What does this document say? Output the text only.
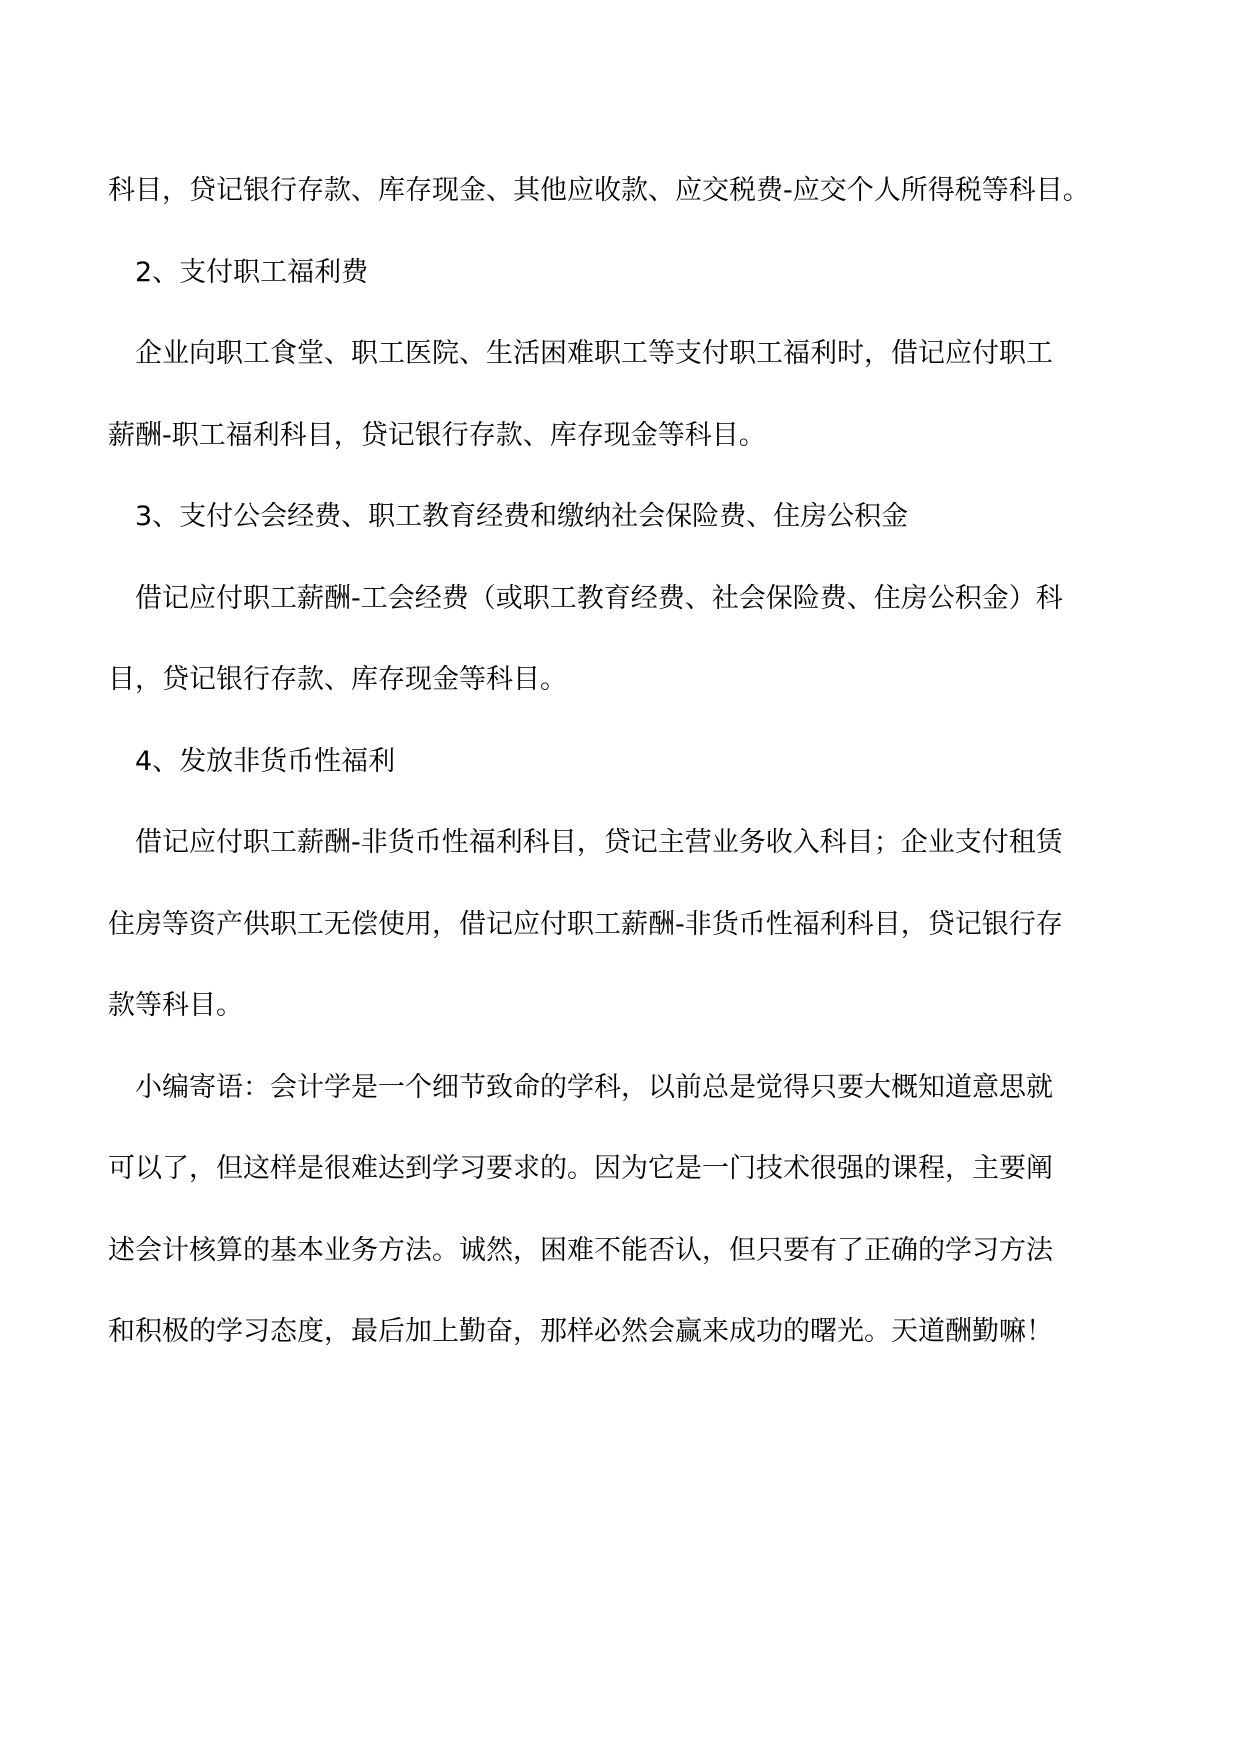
科目，贷记银行存款、库存现金、其他应收款、应交税费-应交个人所得税等科目。
2、支付职工福利费
企业向职工食堂、职工医院、生活困难职工等支付职工福利时，借记应付职工
薪酬-职工福利科目，贷记银行存款、库存现金等科目。
3、支付公会经费、职工教育经费和缴纳社会保险费、住房公积金
借记应付职工薪酬-工会经费（或职工教育经费、社会保险费、住房公积金）科
目，贷记银行存款、库存现金等科目。
4、发放非货币性福利
借记应付职工薪酬-非货币性福利科目，贷记主营业务收入科目；企业支付租赁
住房等资产供职工无偿使用，借记应付职工薪酬-非货币性福利科目，贷记银行存
款等科目。
小编寄语：会计学是一个细节致命的学科，以前总是觉得只要大概知道意思就
可以了，但这样是很难达到学习要求的。因为它是一门技术很强的课程，主要阐
述会计核算的基本业务方法。诚然，困难不能否认，但只要有了正确的学习方法
和积极的学习态度，最后加上勤奋，那样必然会赢来成功的曙光。天道酬勤嘛！
